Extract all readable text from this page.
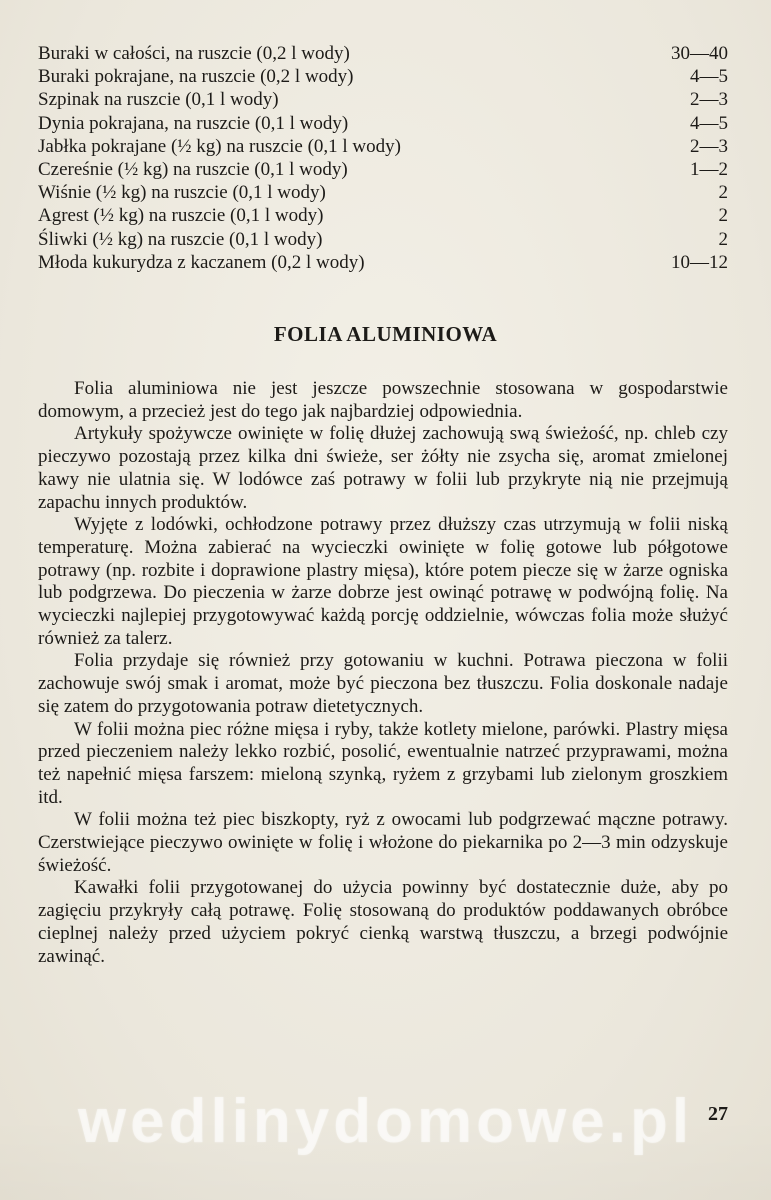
Buraki w całości, na ruszcie (0,2 l wody)	30—40
Buraki pokrajane, na ruszcie (0,2 l wody)	4—5
Szpinak na ruszcie (0,1 l wody)	2—3
Dynia pokrajana, na ruszcie (0,1 l wody)	4—5
Jabłka pokrajane (½ kg) na ruszcie (0,1 l wody)	2—3
Czereśnie (½ kg) na ruszcie (0,1 l wody)	1—2
Wiśnie (½ kg) na ruszcie (0,1 l wody)	2
Agrest (½ kg) na ruszcie (0,1 l wody)	2
Śliwki (½ kg) na ruszcie (0,1 l wody)	2
Młoda kukurydza z kaczanem (0,2 l wody)	10—12
FOLIA ALUMINIOWA

Folia aluminiowa nie jest jeszcze powszechnie stosowana w gospodarstwie domowym, a przecież jest do tego jak najbardziej odpowiednia.

Artykuły spożywcze owinięte w folię dłużej zachowują swą świeżość, np. chleb czy pieczywo pozostają przez kilka dni świeże, ser żółty nie zsycha się, aromat zmielonej kawy nie ulatnia się. W lodówce zaś potrawy w folii lub przykryte nią nie przejmują zapachu innych produktów.

Wyjęte z lodówki, ochłodzone potrawy przez dłuższy czas utrzymują w folii niską temperaturę. Można zabierać na wycieczki owinięte w folię gotowe lub półgotowe potrawy (np. rozbite i doprawione plastry mięsa), które potem piecze się w żarze ogniska lub podgrzewa. Do pieczenia w żarze dobrze jest owinąć potrawę w podwójną folię. Na wycieczki najlepiej przygotowywać każdą porcję oddzielnie, wówczas folia może służyć również za talerz.

Folia przydaje się również przy gotowaniu w kuchni. Potrawa pieczona w folii zachowuje swój smak i aromat, może być pieczona bez tłuszczu. Folia doskonale nadaje się zatem do przygotowania potraw dietetycznych.

W folii można piec różne mięsa i ryby, także kotlety mielone, parówki. Plastry mięsa przed pieczeniem należy lekko rozbić, posolić, ewentualnie natrzeć przyprawami, można też napełnić mięsa farszem: mieloną szynką, ryżem z grzybami lub zielonym groszkiem itd.

W folii można też piec biszkopty, ryż z owocami lub podgrzewać mączne potrawy. Czerstwiejące pieczywo owinięte w folię i włożone do piekarnika po 2—3 min odzyskuje świeżość.

Kawałki folii przygotowanej do użycia powinny być dostatecznie duże, aby po zagięciu przykryły całą potrawę. Folię stosowaną do produktów poddawanych obróbce cieplnej należy przed użyciem pokryć cienką warstwą tłuszczu, a brzegi podwójnie zawinąć.

wedlinydomowe.pl 27
